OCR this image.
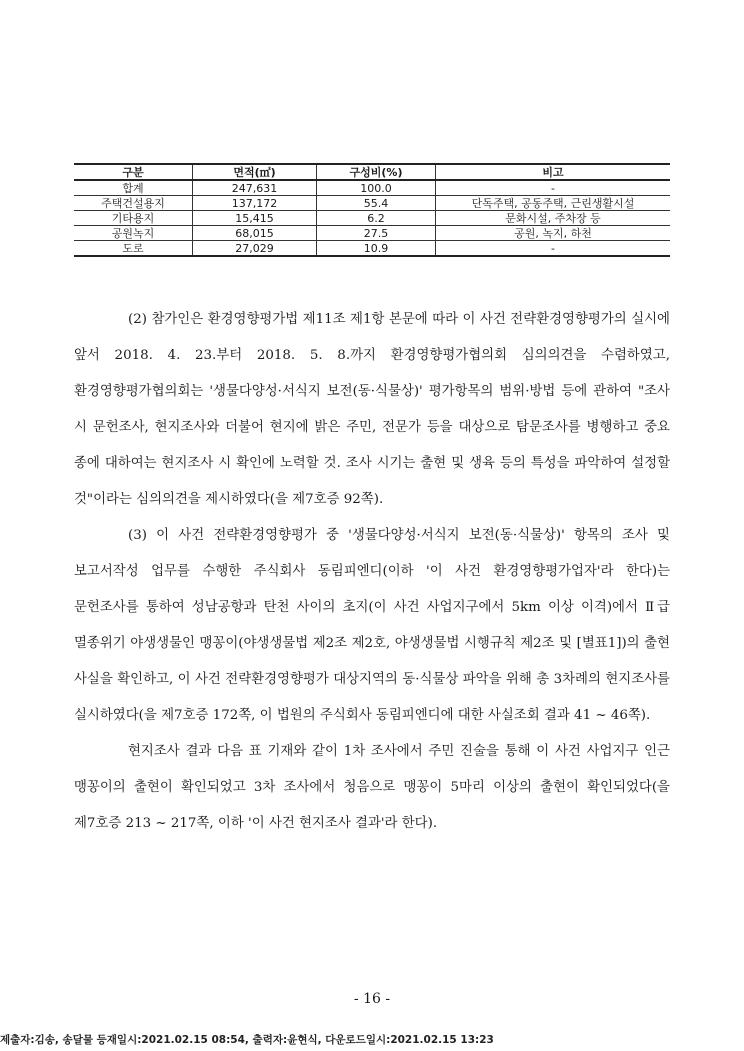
구분	면적(㎡)	구성비(%)	비고
합계	247,631	100.0	-
주택건설용지	137,172	55.4	단독주택, 공동주택, 근린생활시설
기타용지	15,415	6.2	문화시설, 주차장 등
공원녹지	68,015	27.5	공원, 녹지, 하천
도로	27,029	10.9	-

(2) 참가인은 환경영향평가법 제11조 제1항 본문에 따라 이 사건 전략환경영향평가의 실시에 앞서 2018. 4. 23.부터 2018. 5. 8.까지 환경영향평가협의회 심의의견을 수렴하였고, 환경영향평가협의회는 '생물다양성·서식지 보전(동·식물상)' 평가항목의 범위·방법 등에 관하여 "조사 시 문헌조사, 현지조사와 더불어 현지에 밝은 주민, 전문가 등을 대상으로 탐문조사를 병행하고 중요 종에 대하여는 현지조사 시 확인에 노력할 것. 조사 시기는 출현 및 생육 등의 특성을 파악하여 설정할 것"이라는 심의의견을 제시하였다(을 제7호증 92쪽).

(3) 이 사건 전략환경영향평가 중 '생물다양성·서식지 보전(동·식물상)' 항목의 조사 및 보고서작성 업무를 수행한 주식회사 동림피엔디(이하 '이 사건 환경영향평가업자'라 한다)는 문헌조사를 통하여 성남공항과 탄천 사이의 초지(이 사건 사업지구에서 5km 이상 이격)에서 Ⅱ급 멸종위기 야생생물인 맹꽁이(야생생물법 제2조 제2호, 야생생물법 시행규칙 제2조 및 [별표1])의 출현 사실을 확인하고, 이 사건 전략환경영향평가 대상지역의 동·식물상 파악을 위해 총 3차례의 현지조사를 실시하였다(을 제7호증 172쪽, 이 법원의 주식회사 동림피엔디에 대한 사실조회 결과 41 ~ 46쪽).

현지조사 결과 다음 표 기재와 같이 1차 조사에서 주민 진술을 통해 이 사건 사업지구 인근 맹꽁이의 출현이 확인되었고 3차 조사에서 청음으로 맹꽁이 5마리 이상의 출현이 확인되었다(을 제7호증 213 ~ 217쪽, 이하 '이 사건 현지조사 결과'라 한다).

- 16 -
제출자:김송, 송달물 등재일시:2021.02.15 08:54, 출력자:윤현식, 다운로드일시:2021.02.15 13:23
